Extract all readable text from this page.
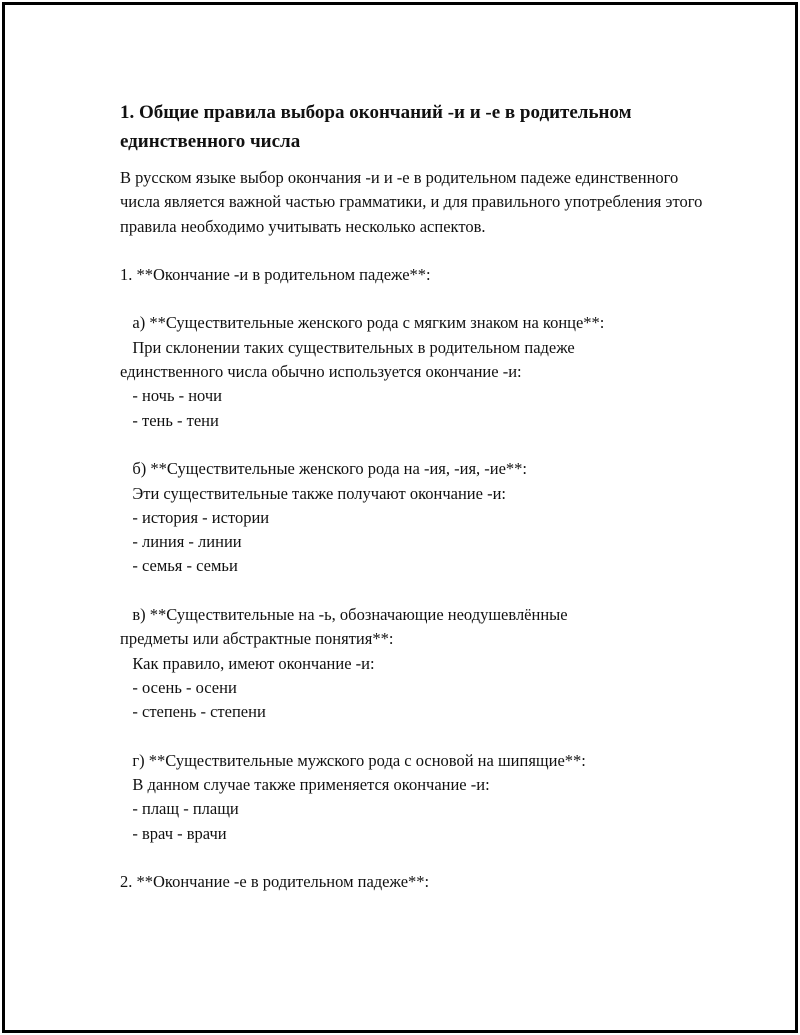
1. Общие правила выбора окончаний -и и -е в родительном единственного числа
В русском языке выбор окончания -и и -е в родительном падеже единственного числа является важной частью грамматики, и для правильного употребления этого правила необходимо учитывать несколько аспектов.
1. **Окончание -и в родительном падеже**:
а) **Существительные женского рода с мягким знаком на конце**:
При склонении таких существительных в родительном падеже
единственного числа обычно используется окончание -и:
- ночь - ночи
- тень - тени
б) **Существительные женского рода на -ия, -ия, -ие**:
Эти существительные также получают окончание -и:
- история - истории
- линия - линии
- семья - семьи
в) **Существительные на -ь, обозначающие неодушевлённые
предметы или абстрактные понятия**:
Как правило, имеют окончание -и:
- осень - осени
- степень - степени
г) **Существительные мужского рода с основой на шипящие**:
В данном случае также применяется окончание -и:
- плащ - плащи
- врач - врачи
2. **Окончание -е в родительном падеже**:
